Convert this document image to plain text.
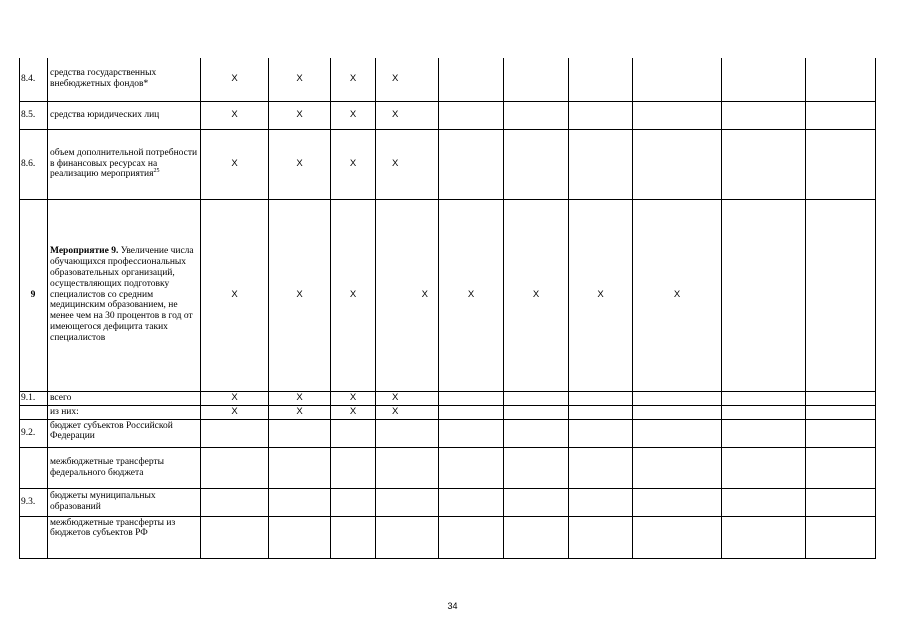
8.4.	средства государственных внебюджетных фондов*	X	X	X	X						
8.5.	средства юридических лиц	X	X	X	X						
8.6.	объем дополнительной потребности в финансовых ресурсах на реализацию мероприятия$^{25}$	X	X	X	X						
9	Мероприятие 9. Увеличение числа обучающихся профессиональных образовательных организаций, осуществляющих подготовку специалистов со средним медицинским образованием, не менее чем на 30 процентов в год от имеющегося дефицита таких специалистов	X	X	X	X	X	X	X	X		
9.1.	всего	X	X	X	X						
	из них:	X	X	X	X						
9.2.	бюджет субъектов Российской Федерации										
	межбюджетные трансферты федерального бюджета										
9.3.	бюджеты муниципальных образований										
	межбюджетные трансферты из бюджетов субъектов РФ										
34
